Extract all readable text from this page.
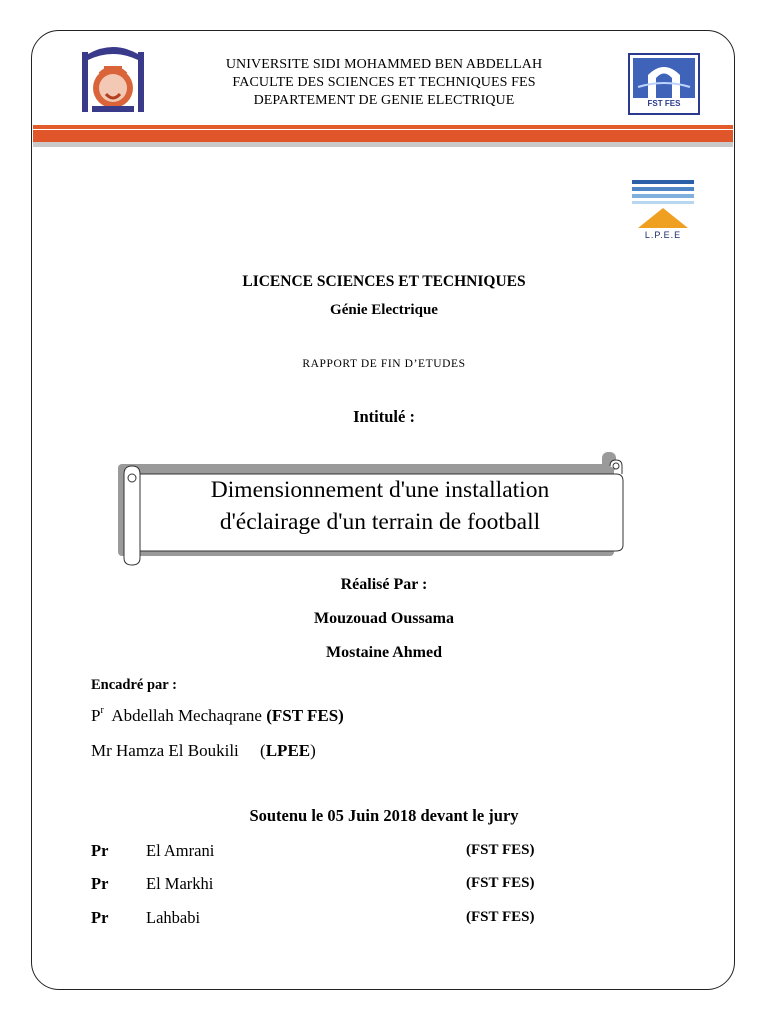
UNIVERSITE SIDI MOHAMMED BEN ABDELLAH
FACULTE DES SCIENCES ET TECHNIQUES FES
DEPARTEMENT DE GENIE ELECTRIQUE	FST FES
L.P.E.E
LICENCE SCIENCES ET TECHNIQUES
Génie Electrique
RAPPORT DE FIN D’ETUDES
Intitulé :
Dimensionnement d'une installation
d'éclairage d'un terrain de football
Réalisé Par :
Mouzouad Oussama
Mostaine Ahmed
Encadré par :
$P^r$ Abdellah Mechaqrane (FST FES)
Mr Hamza El Boukili     (LPEE)
Soutenu le 05 Juin 2018 devant le jury
Pr El Amrani	(FST FES)
Pr El Markhi	(FST FES)
Pr Lahbabi	(FST FES)
